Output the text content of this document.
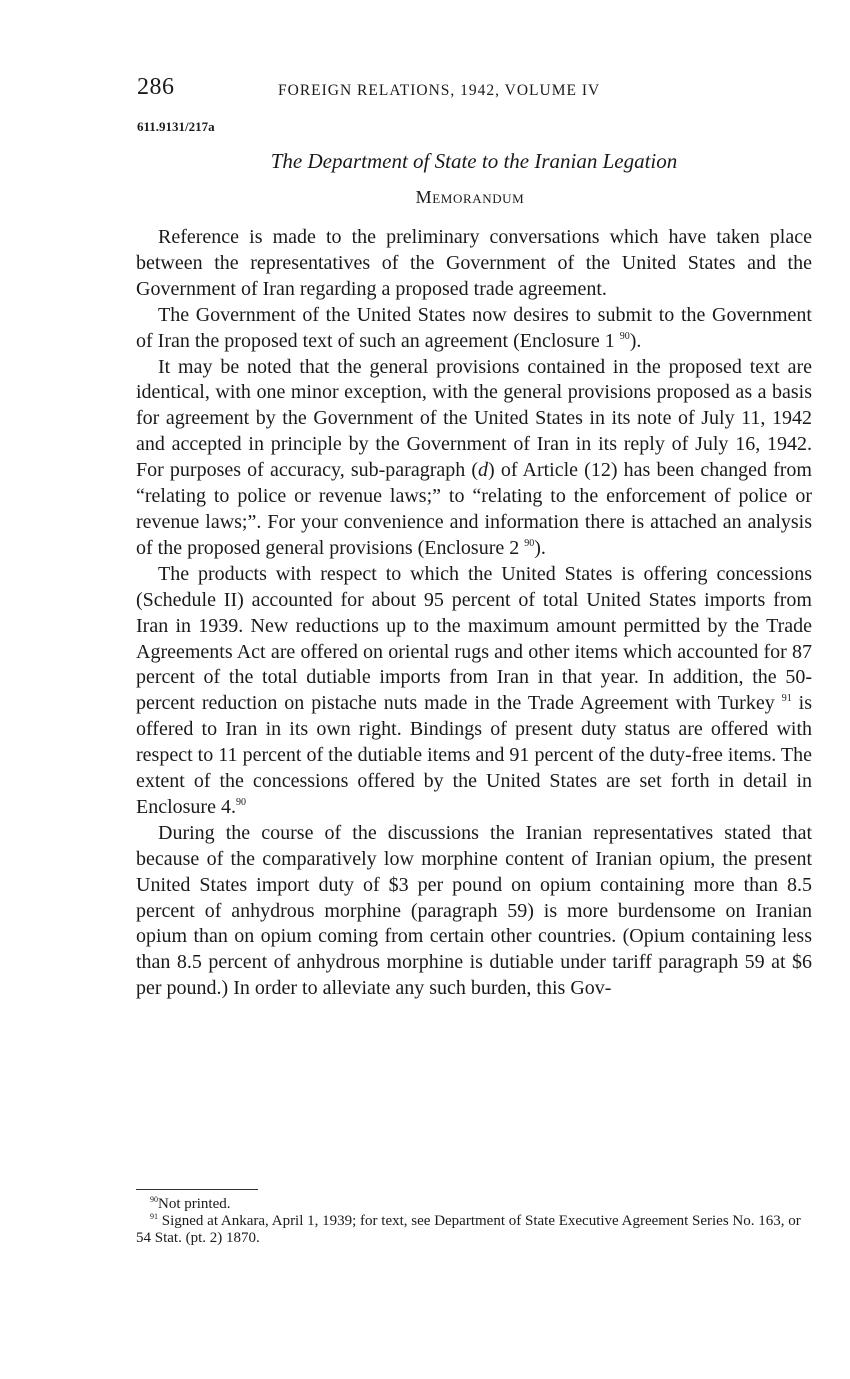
286	FOREIGN RELATIONS, 1942, VOLUME IV
611.9131/217a
The Department of State to the Iranian Legation
Memorandum

Reference is made to the preliminary conversations which have taken place between the representatives of the Government of the United States and the Government of Iran regarding a proposed trade agreement.

The Government of the United States now desires to submit to the Government of Iran the proposed text of such an agreement (Enclosure 1 $^{90}$).

It may be noted that the general provisions contained in the proposed text are identical, with one minor exception, with the general provisions proposed as a basis for agreement by the Government of the United States in its note of July 11, 1942 and accepted in principle by the Government of Iran in its reply of July 16, 1942. For purposes of accuracy, sub-paragraph (d) of Article (12) has been changed from “relating to police or revenue laws;” to “relating to the enforcement of police or revenue laws;”. For your convenience and information there is attached an analysis of the proposed general provisions (Enclosure 2 $^{90}$).

The products with respect to which the United States is offering concessions (Schedule II) accounted for about 95 percent of total United States imports from Iran in 1939. New reductions up to the maximum amount permitted by the Trade Agreements Act are offered on oriental rugs and other items which accounted for 87 percent of the total dutiable imports from Iran in that year. In addition, the 50-percent reduction on pistache nuts made in the Trade Agreement with Turkey $^{91}$ is offered to Iran in its own right. Bindings of present duty status are offered with respect to 11 percent of the dutiable items and 91 percent of the duty-free items. The extent of the concessions offered by the United States are set forth in detail in Enclosure 4.90

During the course of the discussions the Iranian representatives stated that because of the comparatively low morphine content of Iranian opium, the present United States import duty of $3 per pound on opium containing more than 8.5 percent of anhydrous morphine (paragraph 59) is more burdensome on Iranian opium than on opium coming from certain other countries. (Opium containing less than 8.5 percent of anhydrous morphine is dutiable under tariff paragraph 59 at $6 per pound.) In order to alleviate any such burden, this Gov-

$^{90}$Not printed.

$^{91}$ Signed at Ankara, April 1, 1939; for text, see Department of State Executive Agreement Series No. 163, or 54 Stat. (pt. 2) 1870.
